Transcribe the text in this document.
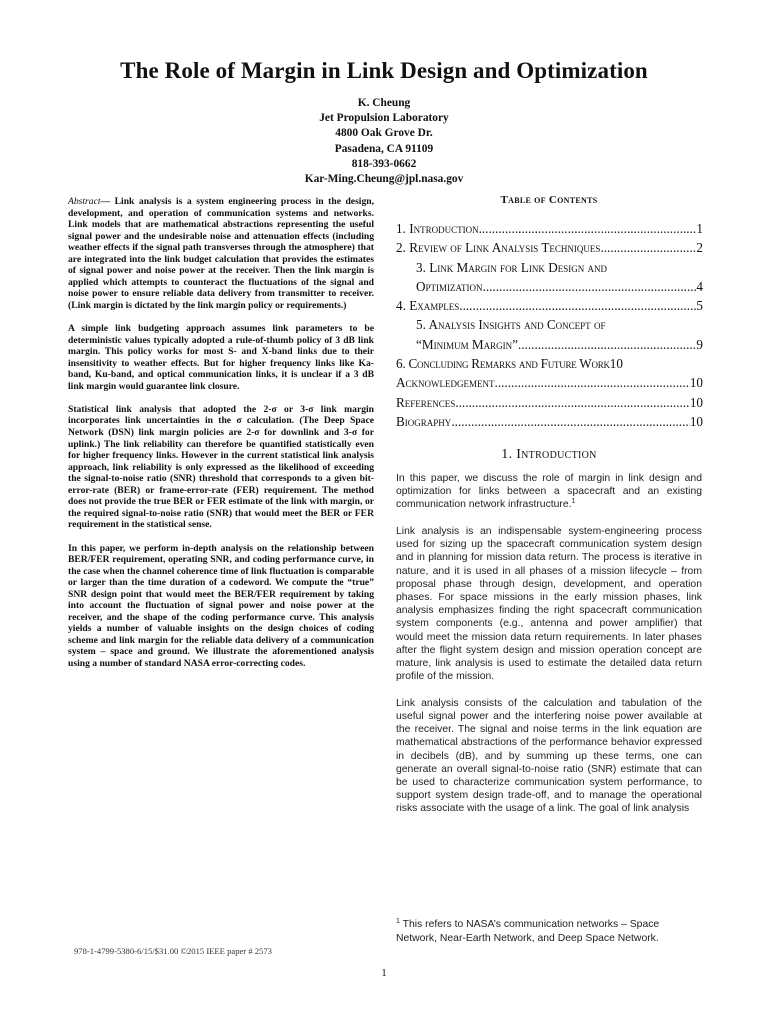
The Role of Margin in Link Design and Optimization
K. Cheung
Jet Propulsion Laboratory
4800 Oak Grove Dr.
Pasadena, CA 91109
818-393-0662
Kar-Ming.Cheung@jpl.nasa.gov

Abstract— Link analysis is a system engineering process in the design, development, and operation of communication systems and networks. Link models that are mathematical abstractions representing the useful signal power and the undesirable noise and attenuation effects (including weather effects if the signal path transverses through the atmosphere) that are integrated into the link budget calculation that provides the estimates of signal power and noise power at the receiver. Then the link margin is applied which attempts to counteract the fluctuations of the signal and noise power to ensure reliable data delivery from transmitter to receiver. (Link margin is dictated by the link margin policy or requirements.)

A simple link budgeting approach assumes link parameters to be deterministic values typically adopted a rule-of-thumb policy of 3 dB link margin. This policy works for most S- and X-band links due to their insensitivity to weather effects. But for higher frequency links like Ka-band, Ku-band, and optical communication links, it is unclear if a 3 dB link margin would guarantee link closure.

Statistical link analysis that adopted the 2-σ or 3-σ link margin incorporates link uncertainties in the σ calculation. (The Deep Space Network (DSN) link margin policies are 2-σ for downlink and 3-σ for uplink.) The link reliability can therefore be quantified statistically even for higher frequency links. However in the current statistical link analysis approach, link reliability is only expressed as the likelihood of exceeding the signal-to-noise ratio (SNR) threshold that corresponds to a given bit-error-rate (BER) or frame-error-rate (FER) requirement. The method does not provide the true BER or FER estimate of the link with margin, or the required signal-to-noise ratio (SNR) that would meet the BER or FER requirement in the statistical sense.

In this paper, we perform in-depth analysis on the relationship between BER/FER requirement, operating SNR, and coding performance curve, in the case when the channel coherence time of link fluctuation is comparable or larger than the time duration of a codeword. We compute the “true” SNR design point that would meet the BER/FER requirement by taking into account the fluctuation of signal power and noise power at the receiver, and the shape of the coding performance curve. This analysis yields a number of valuable insights on the design choices of coding scheme and link margin for the reliable data delivery of a communication system – space and ground. We illustrate the aforementioned analysis using a number of standard NASA error-correcting codes.

Table of Contents
1. Introduction .....	1
2. Review of Link Analysis Techniques .....	2
3. Link Margin for Link Design and
Optimization .....	4
4. Examples .....	5
5. Analysis Insights and Concept of
“Minimum Margin” .....	9
6. Concluding Remarks and Future Work 10
Acknowledgement .....	10
References .....	10
Biography .....	10
1. Introduction

In this paper, we discuss the role of margin in link design and optimization for links between a spacecraft and an existing communication network infrastructure.$^1$

Link analysis is an indispensable system-engineering process used for sizing up the spacecraft communication system design and in planning for mission data return. The process is iterative in nature, and it is used in all phases of a mission lifecycle – from proposal phase through design, development, and operation phases. For space missions in the early mission phases, link analysis emphasizes finding the right spacecraft communication system components (e.g., antenna and power amplifier) that would meet the mission data return requirements. In later phases after the flight system design and mission operation concept are mature, link analysis is used to estimate the detailed data return profile of the mission.

Link analysis consists of the calculation and tabulation of the useful signal power and the interfering noise power available at the receiver. The signal and noise terms in the link equation are mathematical abstractions of the performance behavior expressed in decibels (dB), and by summing up these terms, one can generate an overall signal-to-noise ratio (SNR) estimate that can be used to characterize communication system performance, to support system design trade-off, and to manage the operational risks associate with the usage of a link. The goal of link analysis

$^1$ This refers to NASA’s communication networks – Space Network, Near-Earth Network, and Deep Space Network.
978-1-4799-5380-6/15/$31.00 ©2015 IEEE paper # 2573
1
